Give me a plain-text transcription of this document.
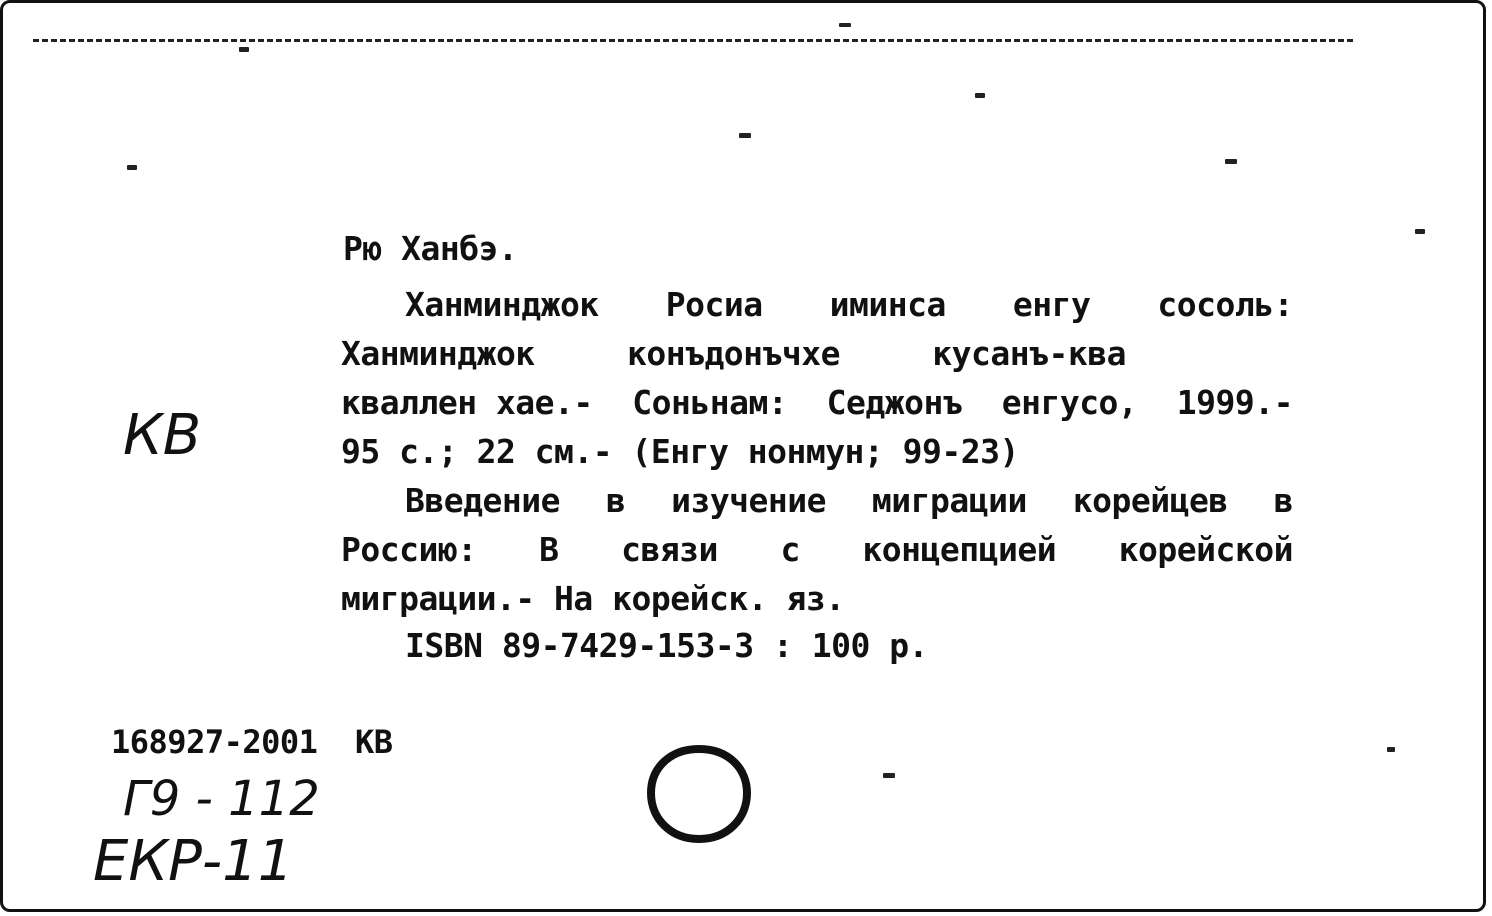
Рю Ханбэ.
Ханминджок Росиа иминса енгу сосоль:
Ханминджок	конъдонъчхе	кусанъ-ква
кваллен хае.- Соньнам: Седжонъ енгусо, 1999.-
95 с.; 22 см.- (Енгу нонмун; 99-23)
Введение в изучение миграции корейцев в
Россию: В связи с концепцией корейской
миграции.- На корейск. яз.
ISBN 89-7429-153-3 : 100 р.
168927-2001  КВ
КВ
Г9 - 112
ЕКР-11
